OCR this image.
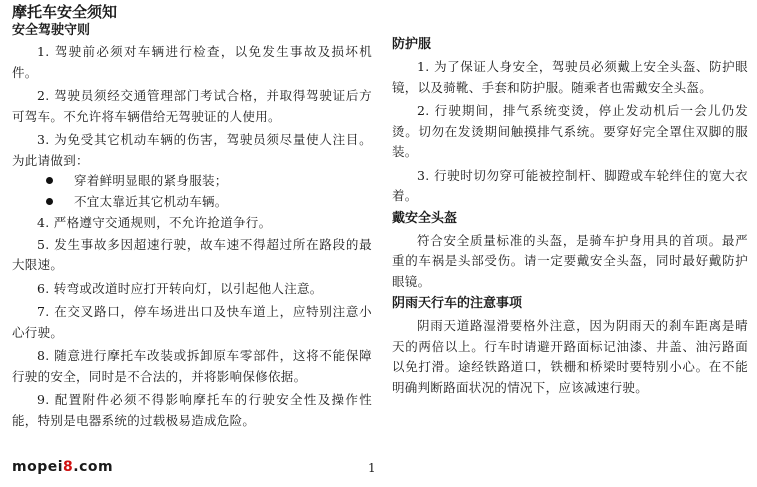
摩托车安全须知
安全驾驶守则

1. 驾驶前必须对车辆进行检查，以免发生事故及损坏机件。

2. 驾驶员须经交通管理部门考试合格，并取得驾驶证后方可驾车。不允许将车辆借给无驾驶证的人使用。

3. 为免受其它机动车辆的伤害，驾驶员须尽量使人注目。为此请做到：

穿着鲜明显眼的紧身服装；
不宜太靠近其它机动车辆。

4. 严格遵守交通规则，不允许抢道争行。

5. 发生事故多因超速行驶，故车速不得超过所在路段的最大限速。

6. 转弯或改道时应打开转向灯，以引起他人注意。

7. 在交叉路口，停车场进出口及快车道上，应特别注意小心行驶。

8. 随意进行摩托车改装或拆卸原车零部件，这将不能保障行驶的安全，同时是不合法的，并将影响保修依据。

9. 配置附件必须不得影响摩托车的行驶安全性及操作性能，特别是电器系统的过载极易造成危险。

防护服

1. 为了保证人身安全，驾驶员必须戴上安全头盔、防护眼镜，以及骑靴、手套和防护服。随乘者也需戴安全头盔。

2. 行驶期间，排气系统变烫，停止发动机后一会儿仍发烫。切勿在发烫期间触摸排气系统。要穿好完全罩住双脚的服装。

3. 行驶时切勿穿可能被控制杆、脚蹬或车轮绊住的宽大衣着。

戴安全头盔

符合安全质量标准的头盔，是骑车护身用具的首项。最严重的车祸是头部受伤。请一定要戴安全头盔，同时最好戴防护眼镜。

阴雨天行车的注意事项

阴雨天道路湿滑要格外注意，因为阴雨天的刹车距离是晴天的两倍以上。行车时请避开路面标记油漆、井盖、油污路面以免打滑。途经铁路道口，铁栅和桥梁时要特别小心。在不能明确判断路面状况的情况下，应该减速行驶。

1
mopei8.com
